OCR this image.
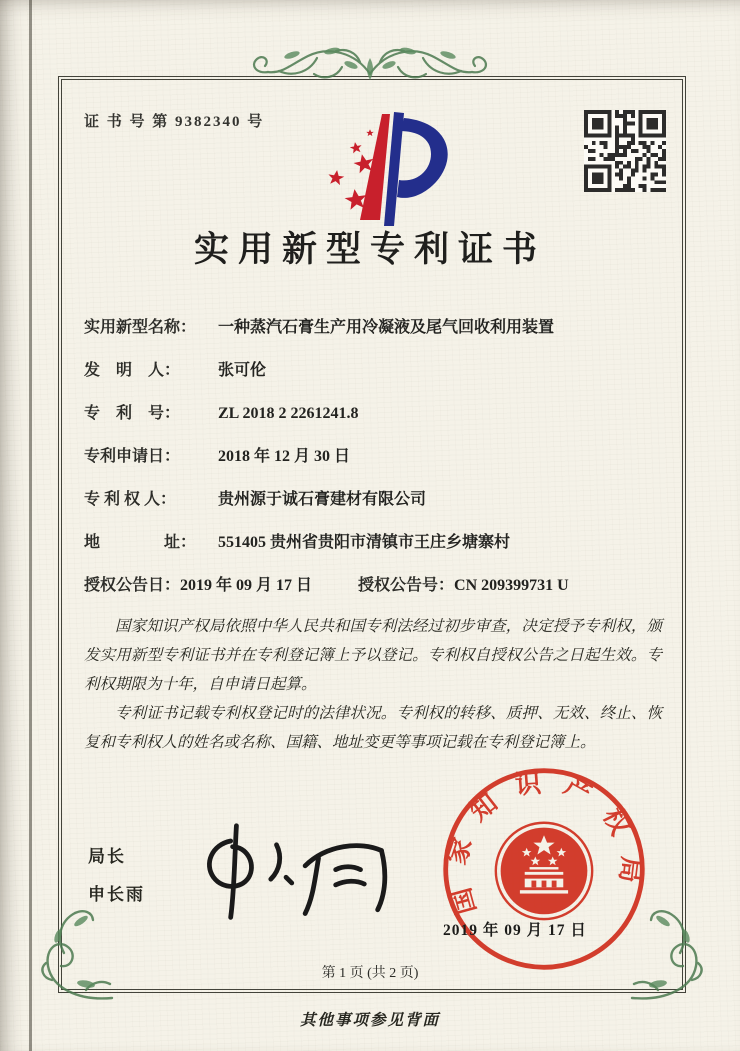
证 书 号 第 9382340 号
实用新型专利证书
实用新型名称： 一种蒸汽石膏生产用冷凝液及尾气回收利用装置
发　明　人： 张可伦
专　利　号： ZL 2018 2 2261241.8
专利申请日： 2018 年 12 月 30 日
专 利 权 人：	贵州源于诚石膏建材有限公司
地　　　　址： 551405 贵州省贵阳市清镇市王庄乡塘寨村
授权公告日：2019 年 09 月 17 日	授权公告号：CN 209399731 U

国家知识产权局依照中华人民共和国专利法经过初步审查，决定授予专利权，颁发实用新型专利证书并在专利登记簿上予以登记。专利权自授权公告之日起生效。专利权期限为十年，自申请日起算。

专利证书记载专利权登记时的法律状况。专利权的转移、质押、无效、终止、恢复和专利权人的姓名或名称、国籍、地址变更等事项记载在专利登记簿上。

局长
申长雨	国家知识产权局
2019 年 09 月 17 日
第 1 页 (共 2 页)
其他事项参见背面
